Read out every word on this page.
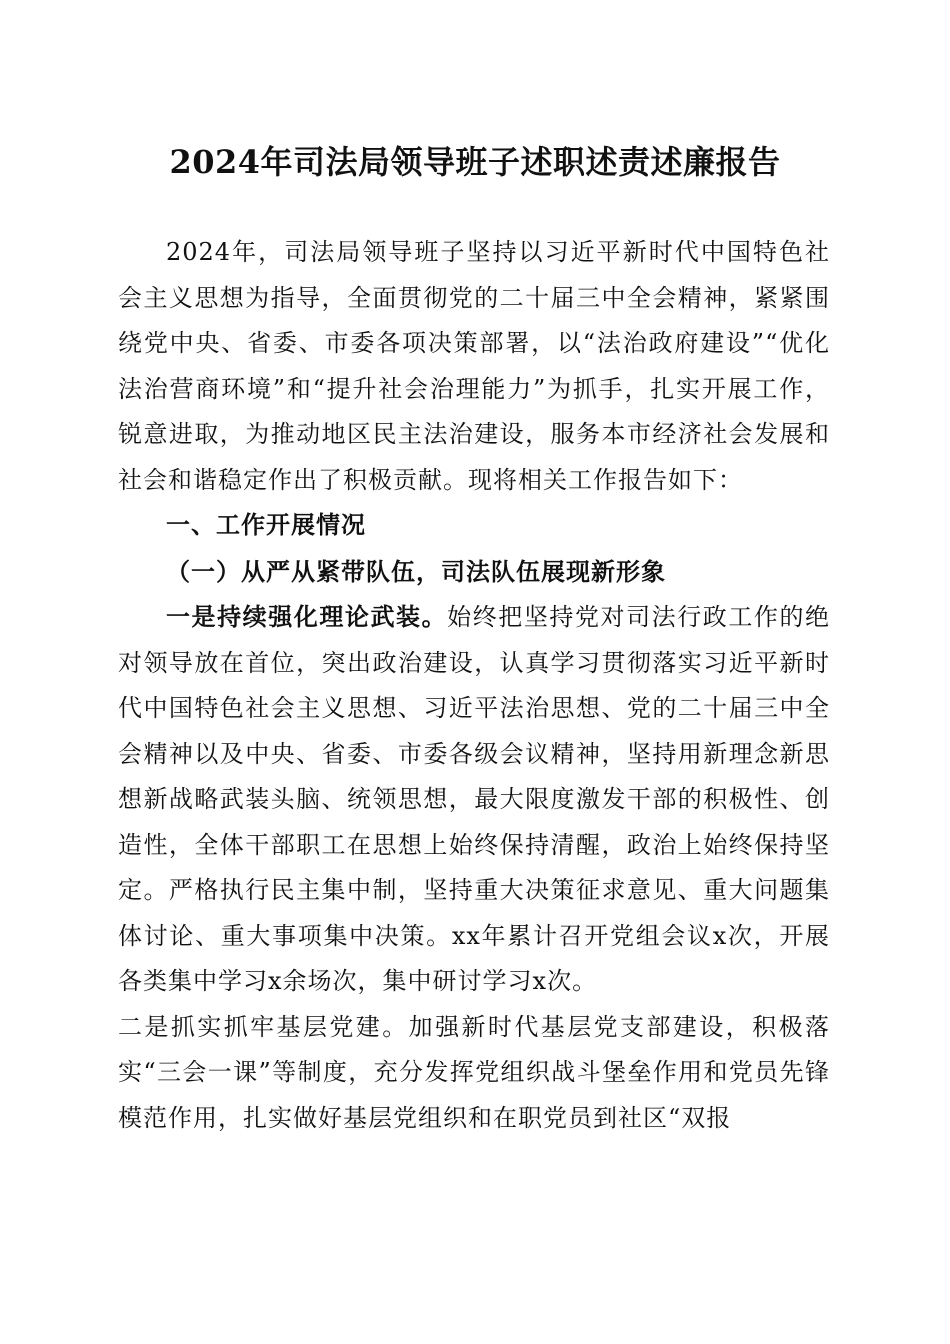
2024年司法局领导班子述职述责述廉报告

2024年，司法局领导班子坚持以习近平新时代中国特色社会主义思想为指导，全面贯彻党的二十届三中全会精神，紧紧围绕党中央、省委、市委各项决策部署，以“法治政府建设”“优化法治营商环境”和“提升社会治理能力”为抓手，扎实开展工作，锐意进取，为推动地区民主法治建设，服务本市经济社会发展和社会和谐稳定作出了积极贡献。现将相关工作报告如下：

一、工作开展情况

（一）从严从紧带队伍，司法队伍展现新形象

一是持续强化理论武装。始终把坚持党对司法行政工作的绝对领导放在首位，突出政治建设，认真学习贯彻落实习近平新时代中国特色社会主义思想、习近平法治思想、党的二十届三中全会精神以及中央、省委、市委各级会议精神，坚持用新理念新思想新战略武装头脑、统领思想，最大限度激发干部的积极性、创造性，全体干部职工在思想上始终保持清醒，政治上始终保持坚定。严格执行民主集中制，坚持重大决策征求意见、重大问题集体讨论、重大事项集中决策。xx年累计召开党组会议x次，开展各类集中学习x余场次，集中研讨学习x次。

二是抓实抓牢基层党建。加强新时代基层党支部建设，积极落实“三会一课”等制度，充分发挥党组织战斗堡垒作用和党员先锋模范作用，扎实做好基层党组织和在职党员到社区“双报
